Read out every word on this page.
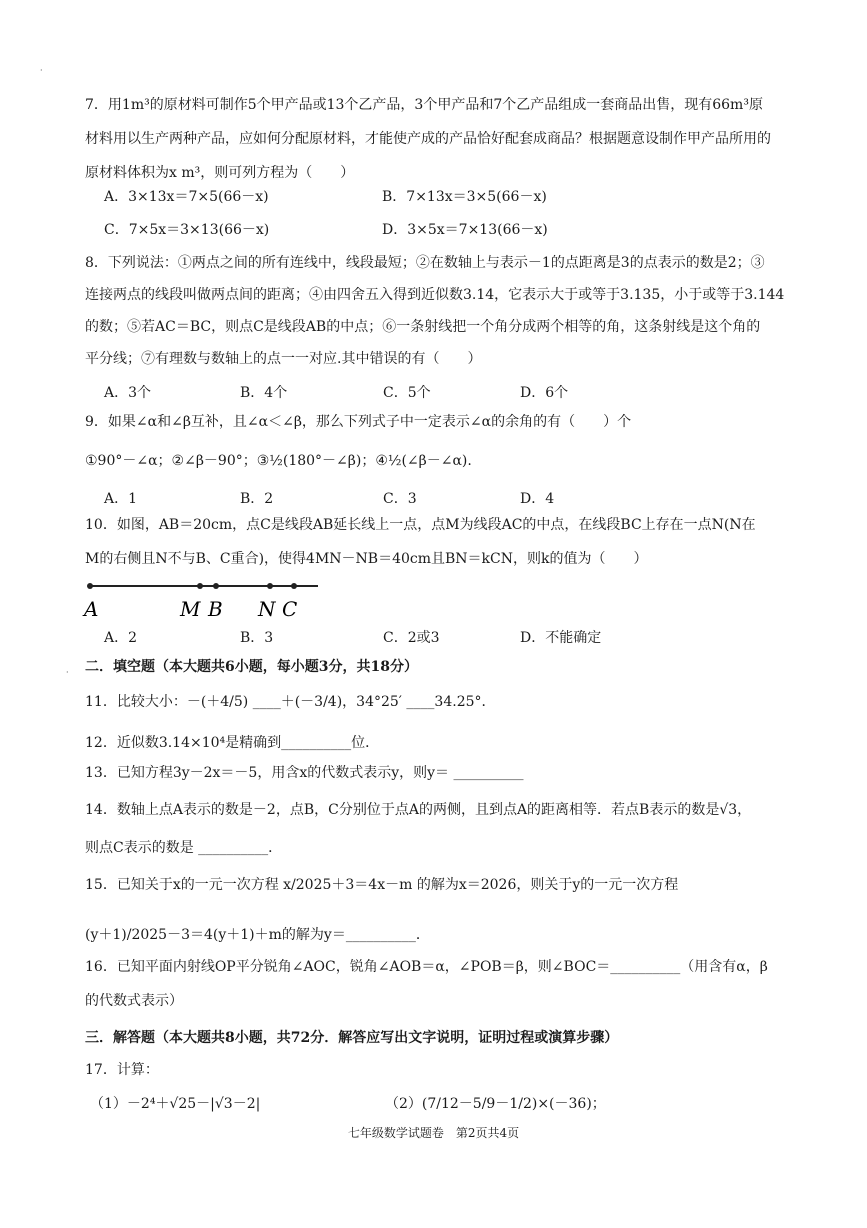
·
·
7．用1m³的原材料可制作5个甲产品或13个乙产品，3个甲产品和7个乙产品组成一套商品出售，现有66m³原
材料用以生产两种产品，应如何分配原材料，才能使产成的产品恰好配套成商品？根据题意设制作甲产品所用的
原材料体积为x m³，则可列方程为（　　）
A．3×13x＝7×5(66－x)	B．7×13x＝3×5(66－x)
C．7×5x＝3×13(66－x)	D．3×5x＝7×13(66－x)
8．下列说法：①两点之间的所有连线中，线段最短；②在数轴上与表示－1的点距离是3的点表示的数是2；③
连接两点的线段叫做两点间的距离；④由四舍五入得到近似数3.14，它表示大于或等于3.135，小于或等于3.144
的数；⑤若AC＝BC，则点C是线段AB的中点；⑥一条射线把一个角分成两个相等的角，这条射线是这个角的
平分线；⑦有理数与数轴上的点一一对应.其中错误的有（　　）
A．3个	B．4个	C．5个	D．6个
9．如果∠α和∠β互补，且∠α＜∠β，那么下列式子中一定表示∠α的余角的有（　　）个
①90°－∠α；②∠β－90°；③½(180°－∠β)；④½(∠β－∠α).
A．1	B．2	C．3	D．4
10．如图，AB＝20cm，点C是线段AB延长线上一点，点M为线段AC的中点，在线段BC上存在一点N(N在
M的右侧且N不与B、C重合)，使得4MN－NB＝40cm且BN＝kCN，则k的值为（　　）
A	M B N C
A．2	B．3	C．2或3	D．不能确定
二．填空题（本大题共6小题，每小题3分，共18分）
11．比较大小：－(＋4/5) ____＋(－3/4)，34°25′ ____34.25°．
12．近似数3.14×10⁴是精确到__________位．
13．已知方程3y－2x＝－5，用含x的代数式表示y，则y＝ __________
14．数轴上点A表示的数是－2，点B，C分别位于点A的两侧，且到点A的距离相等．若点B表示的数是√3，
则点C表示的数是 __________．
15．已知关于x的一元一次方程 x/2025＋3＝4x－m 的解为x＝2026，则关于y的一元一次方程
(y＋1)/2025－3＝4(y＋1)＋m的解为y＝__________．
16．已知平面内射线OP平分锐角∠AOC，锐角∠AOB＝α，∠POB＝β，则∠BOC＝__________（用含有α，β
的代数式表示）
三．解答题（本大题共8小题，共72分．解答应写出文字说明，证明过程或演算步骤）
17．计算：
（1）－2⁴＋√25－|√3－2|	（2）(7/12－5/9－1/2)×(－36)；
七年级数学试题卷　第2页共4页
